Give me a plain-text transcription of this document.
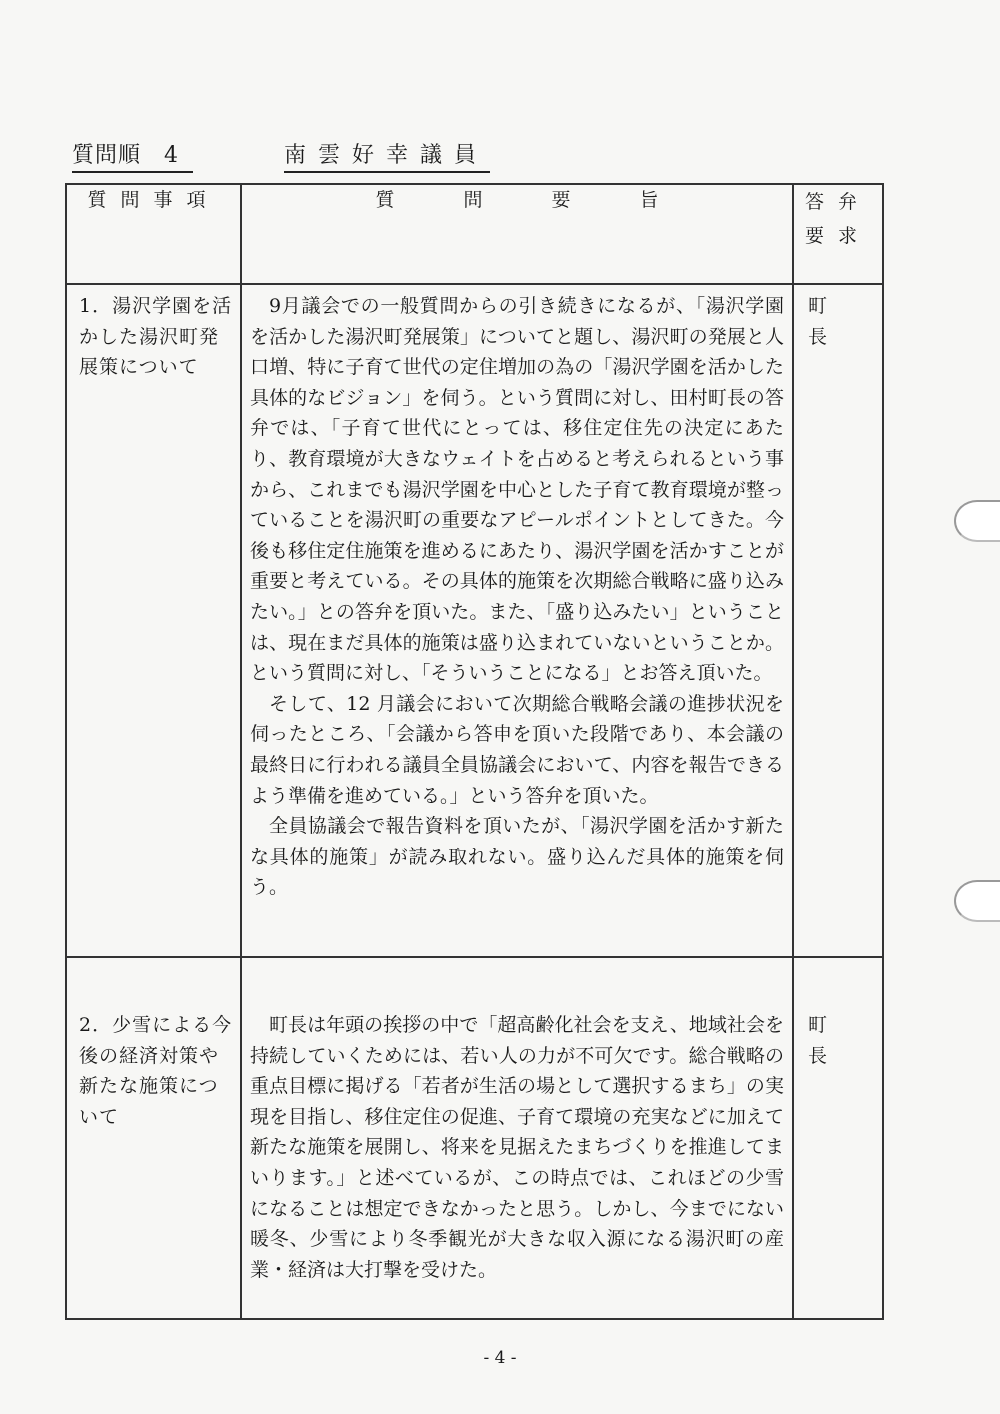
質問順　4	南雲好幸議員
質問事項	質 問 要 旨	答弁
要求

1．湯沢学園を活かした湯沢町発展策について	9月議会での一般質問からの引き続きになるが、「湯沢学園を活かした湯沢町発展策」についてと題し、湯沢町の発展と人口増、特に子育て世代の定住増加の為の「湯沢学園を活かした具体的なビジョン」を伺う。という質問に対し、田村町長の答弁では、「子育て世代にとっては、移住定住先の決定にあたり、教育環境が大きなウェイトを占めると考えられるという事から、これまでも湯沢学園を中心とした子育て教育環境が整っていることを湯沢町の重要なアピールポイントとしてきた。今後も移住定住施策を進めるにあたり、湯沢学園を活かすことが重要と考えている。その具体的施策を次期総合戦略に盛り込みたい。」との答弁を頂いた。また、「盛り込みたい」ということは、現在まだ具体的施策は盛り込まれていないということか。という質問に対し、「そういうことになる」とお答え頂いた。

そして、12 月議会において次期総合戦略会議の進捗状況を伺ったところ、「会議から答申を頂いた段階であり、本会議の最終日に行われる議員全員協議会において、内容を報告できるよう準備を進めている。」という答弁を頂いた。

全員協議会で報告資料を頂いたが、「湯沢学園を活かす新たな具体的施策」が読み取れない。盛り込んだ具体的施策を伺う。	町長
2．少雪による今後の経済対策や新たな施策について	町長は年頭の挨拶の中で「超高齢化社会を支え、地域社会を持続していくためには、若い人の力が不可欠です。総合戦略の重点目標に掲げる「若者が生活の場として選択するまち」の実現を目指し、移住定住の促進、子育て環境の充実などに加えて新たな施策を展開し、将来を見据えたまちづくりを推進してまいります。」と述べているが、この時点では、これほどの少雪になることは想定できなかったと思う。しかし、今までにない暖冬、少雪により冬季観光が大きな収入源になる湯沢町の産業・経済は大打撃を受けた。	町長
- 4 -
